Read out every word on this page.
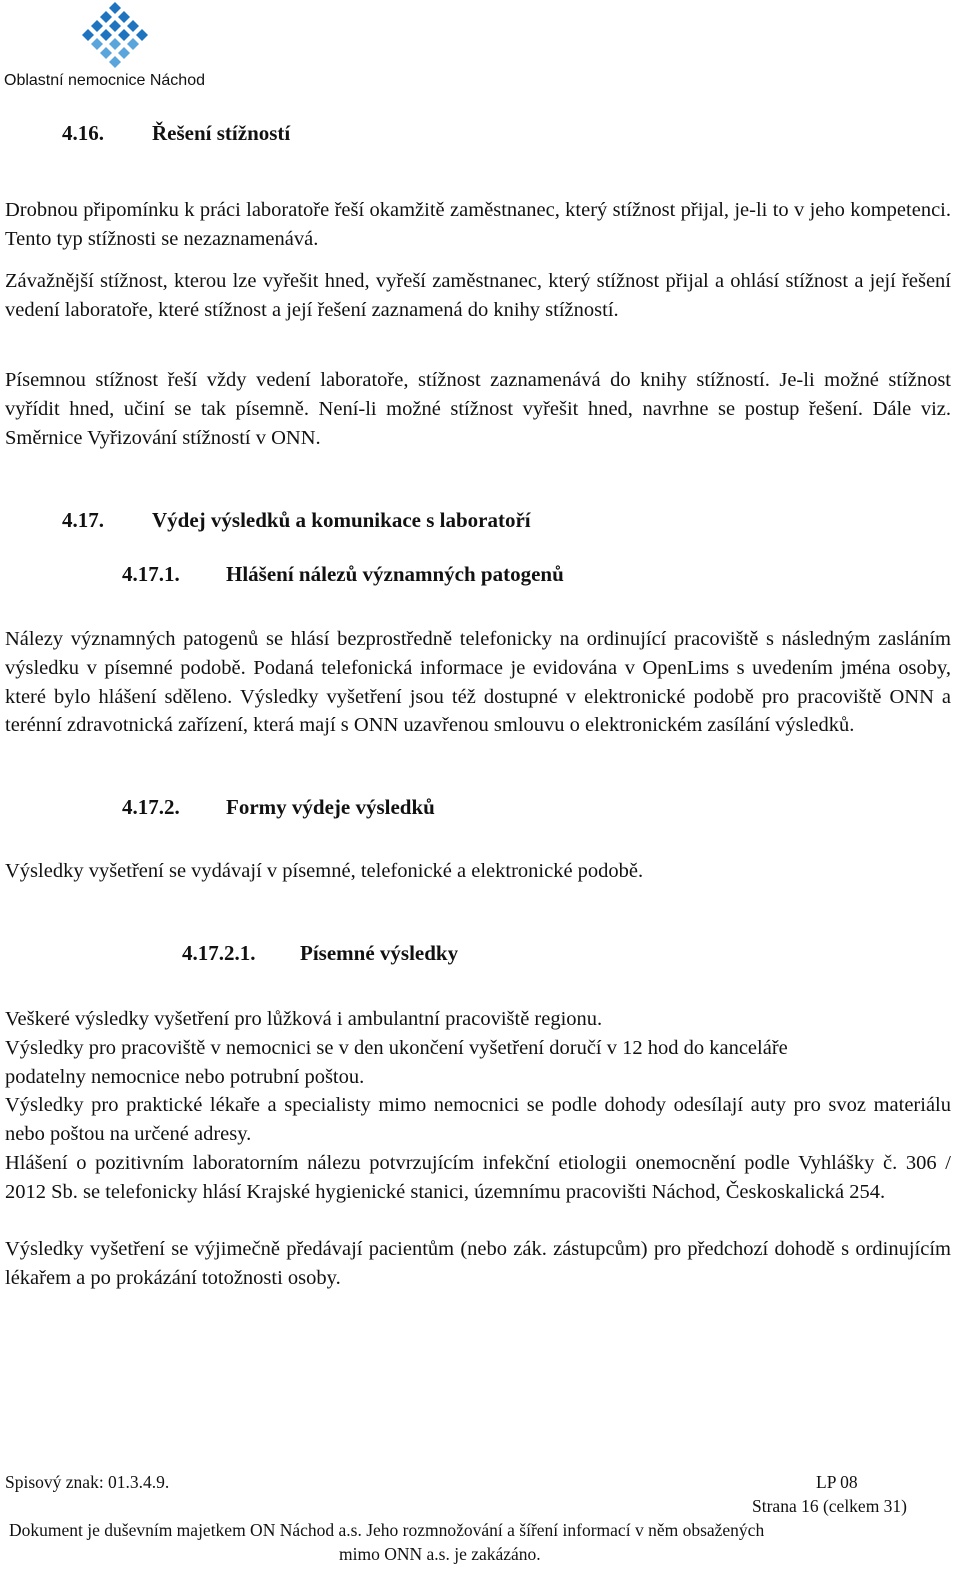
Oblastní nemocnice Náchod
4.16. Řešení stížností
Drobnou připomínku k práci laboratoře řeší okamžitě zaměstnanec, který stížnost přijal, je-li to v jeho kompetenci. Tento typ stížnosti se nezaznamenává.
Závažnější stížnost, kterou lze vyřešit hned, vyřeší zaměstnanec, který stížnost přijal a ohlásí stížnost a její řešení vedení laboratoře, které stížnost a její řešení zaznamená do knihy stížností.
Písemnou stížnost řeší vždy vedení laboratoře, stížnost zaznamenává do knihy stížností. Je-li možné stížnost vyřídit hned, učiní se tak písemně. Není-li možné stížnost vyřešit hned, navrhne se postup řešení. Dále viz. Směrnice Vyřizování stížností v ONN.
4.17. Výdej výsledků a komunikace s laboratoří
4.17.1. Hlášení nálezů významných patogenů
Nálezy významných patogenů se hlásí bezprostředně telefonicky na ordinující pracoviště s následným zasláním výsledku v písemné podobě. Podaná telefonická informace je evidována v OpenLims s uvedením jména osoby, které bylo hlášení sděleno. Výsledky vyšetření jsou též dostupné v elektronické podobě pro pracoviště ONN a terénní zdravotnická zařízení, která mají s ONN uzavřenou smlouvu o elektronickém zasílání výsledků.
4.17.2. Formy výdeje výsledků
Výsledky vyšetření se vydávají v písemné, telefonické a elektronické podobě.
4.17.2.1. Písemné výsledky
Veškeré výsledky vyšetření pro lůžková i ambulantní pracoviště regionu.
Výsledky pro pracoviště v nemocnici se v den ukončení vyšetření doručí v 12 hod do kanceláře podatelny nemocnice nebo potrubní poštou.
Výsledky pro praktické lékaře a specialisty mimo nemocnici se podle dohody odesílají auty pro svoz materiálu nebo poštou na určené adresy.
Hlášení o pozitivním laboratorním nálezu potvrzujícím infekční etiologii onemocnění podle Vyhlášky č. 306 / 2012 Sb. se telefonicky hlásí Krajské hygienické stanici, územnímu pracovišti Náchod, Českoskalická 254.
Výsledky vyšetření se výjimečně předávají pacientům (nebo zák. zástupcům) pro předchozí dohodě s ordinujícím lékařem a po prokázání totožnosti osoby.
Spisový znak: 01.3.4.9.	LP 08
Strana 16 (celkem 31)
Dokument je duševním majetkem ON Náchod a.s. Jeho rozmnožování a šíření informací v něm obsažených
mimo ONN a.s. je zakázáno.
